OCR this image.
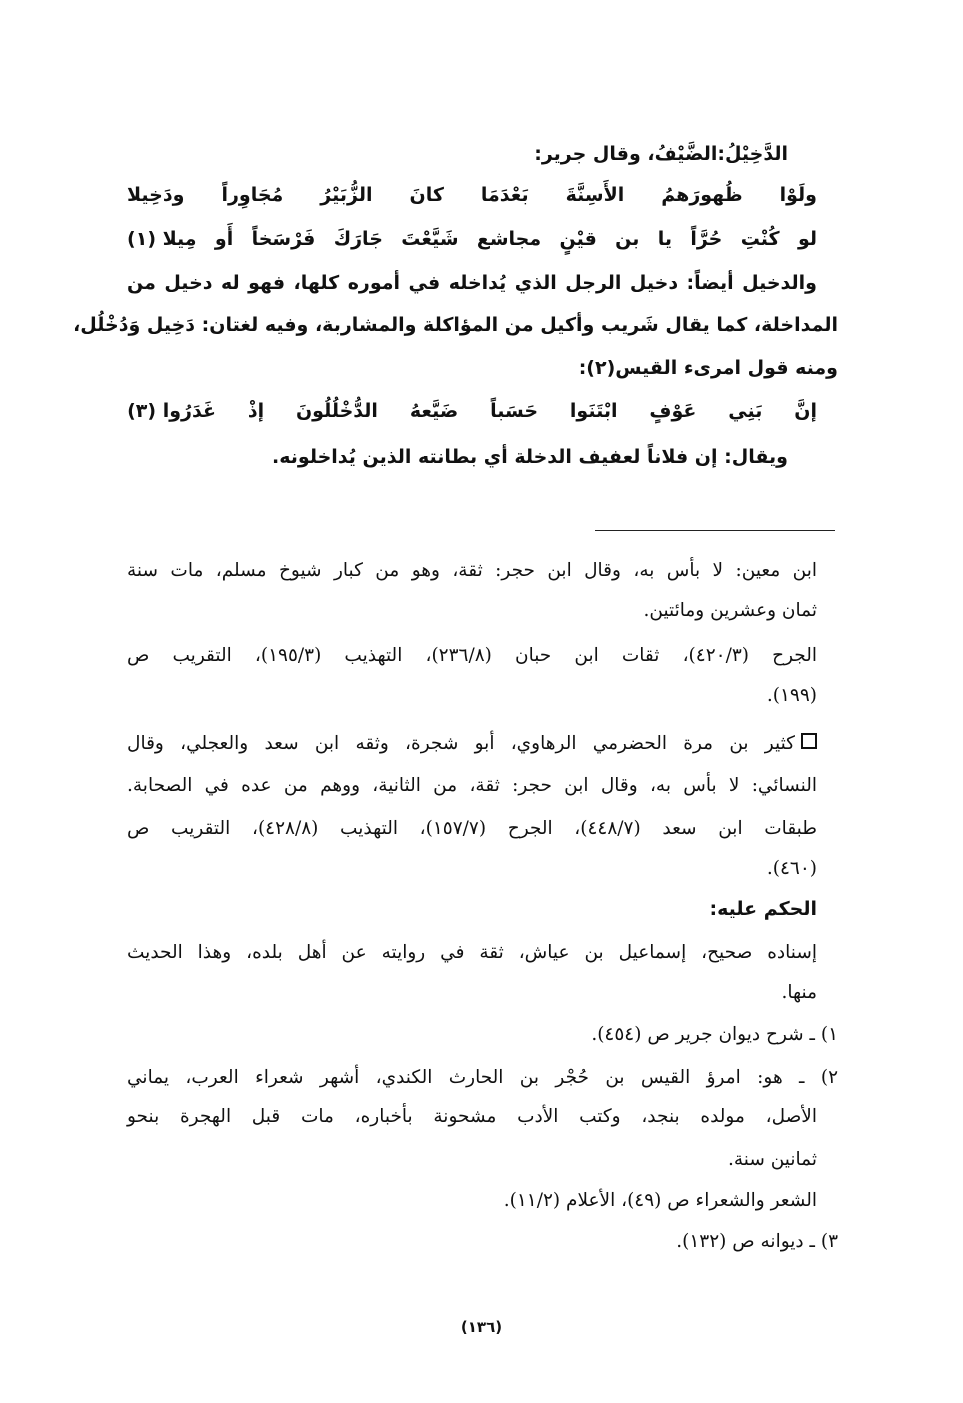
الدَّخِيْلُ:الضَّيْفُ، وقال جرير:
ولَوْا
ظُهورَهمُ
الأَسِنَّةَ
بَعْدَمَا
كانَ
الزُّبَيْرُ
مُجَاوِراً
ودَخِيلا
لو
كُنْتِ
حُرَّاً
يا
بن
قيْنٍ
مجاشع
شَيَّعْتَ
جَارَكَ
فَرْسَخاً
أَو
مِيلا (١)
والدخيل أيضاً: دخيل الرجل الذي يُداخله في أموره كلها، فهو له دخيل من
المداخلة، كما يقال شَريب وأكيل من المؤاكلة والمشاربة، وفيه لغتان: دَخِيل وَدُخْلُل،
ومنه قول امرىء القيس(٢):
إنَّ
بَنِي
عَوْفٍ
ابْتَنَوا
حَسَباً
ضَيَّعهُ
الدُّخْلُلُونَ
إذْ
غَدَرُوا (٣)
ويقال: إن فلاناً لعفيف الدخلة أي بطانته الذين يُداخلونه.
ابن معين: لا بأس به، وقال ابن حجر: ثقة، وهو من كبار شيوخ مسلم، مات سنة
ثمان وعشرين ومائتين.
الجرح (٤٢٠/٣)، ثقات ابن حبان (٢٣٦/٨)، التهذيب (١٩٥/٣)، التقريب ص
(١٩٩).
كثير بن مرة الحضرمي الرهاوي، أبو شجرة، وثقه ابن سعد والعجلي، وقال
النسائي: لا بأس به، وقال ابن حجر: ثقة، من الثانية، ووهم من عده في الصحابة.
طبقات ابن سعد (٤٤٨/٧)، الجرح (١٥٧/٧)، التهذيب (٤٢٨/٨)، التقريب ص
(٤٦٠).
الحكم عليه:
إسناده صحيح، إسماعيل بن عياش، ثقة في روايته عن أهل بلده، وهذا الحديث
منها.
١) ـ شرح ديوان جرير ص (٤٥٤).
٢) ـ هو: امرؤ القيس بن حُجْر بن الحارث الكندي، أشهر شعراء العرب، يماني
الأصل، مولده بنجد، وكتب الأدب مشحونة بأخباره، مات قبل الهجرة بنحو
ثمانين سنة.
الشعر والشعراء ص (٤٩)، الأعلام (١١/٢).
٣) ـ ديوانه ص (١٣٢).
(١٣٦)
